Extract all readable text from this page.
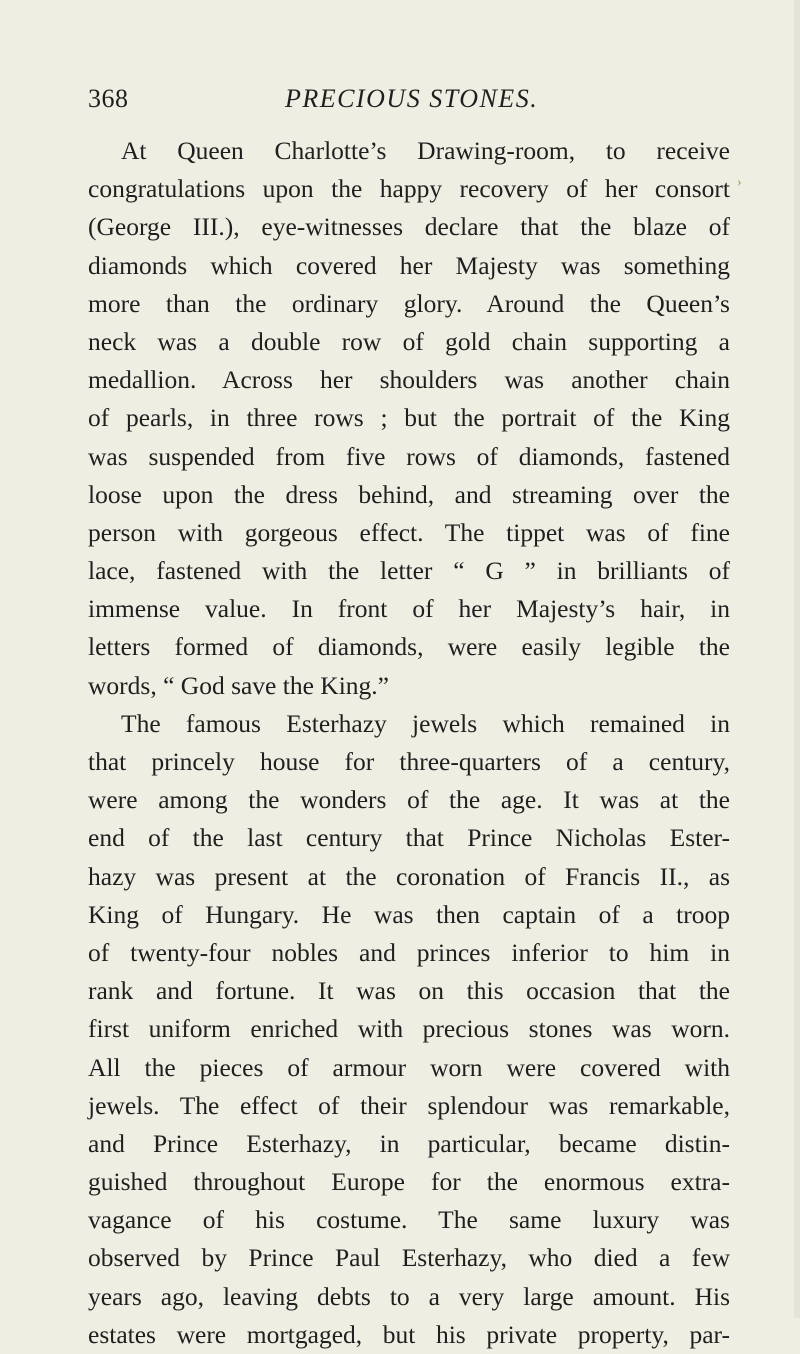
368	PRECIOUS STONES.
›
At Queen Charlotte’s Drawing-room, to receive
congratulations upon the happy recovery of her consort
(George III.), eye-witnesses declare that the blaze of
diamonds which covered her Majesty was something
more than the ordinary glory. Around the Queen’s
neck was a double row of gold chain supporting a
medallion. Across her shoulders was another chain
of pearls, in three rows ; but the portrait of the King
was suspended from five rows of diamonds, fastened
loose upon the dress behind, and streaming over the
person with gorgeous effect. The tippet was of fine
lace, fastened with the letter “ G ” in brilliants of
immense value. In front of her Majesty’s hair, in
letters formed of diamonds, were easily legible the
words, “ God save the King.”
The famous Esterhazy jewels which remained in
that princely house for three-quarters of a century,
were among the wonders of the age. It was at the
end of the last century that Prince Nicholas Ester-
hazy was present at the coronation of Francis II., as
King of Hungary. He was then captain of a troop
of twenty-four nobles and princes inferior to him in
rank and fortune. It was on this occasion that the
first uniform enriched with precious stones was worn.
All the pieces of armour worn were covered with
jewels. The effect of their splendour was remarkable,
and Prince Esterhazy, in particular, became distin-
guished throughout Europe for the enormous extra-
vagance of his costume. The same luxury was
observed by Prince Paul Esterhazy, who died a few
years ago, leaving debts to a very large amount. His
estates were mortgaged, but his private property, par-
